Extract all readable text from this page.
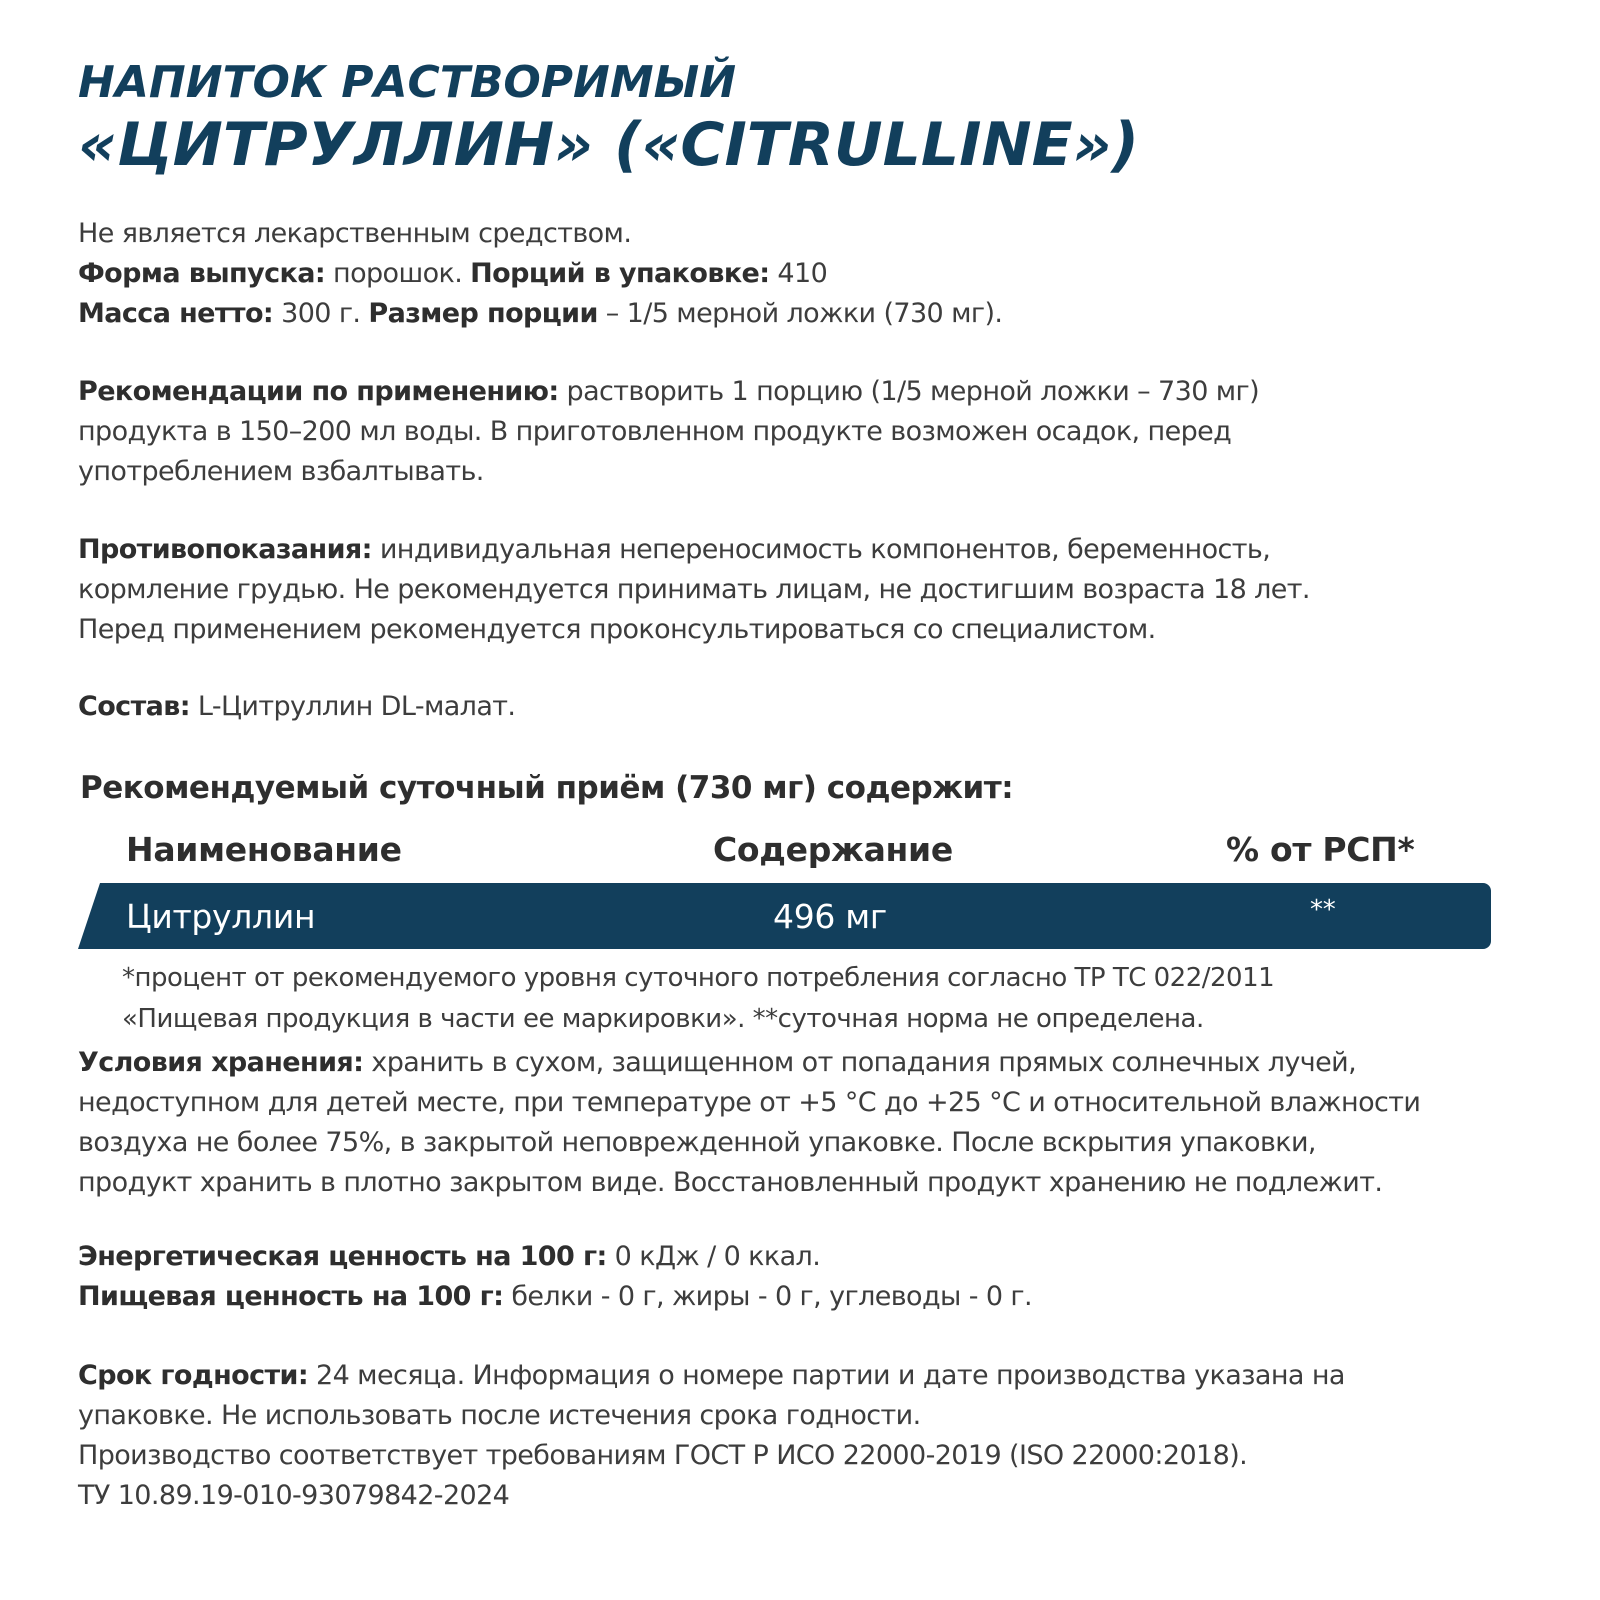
НАПИТОК РАСТВОРИМЫЙ
«ЦИТРУЛЛИН» («CITRULLINE»)
Не является лекарственным средством.
Форма выпуска: порошок. Порций в упаковке: 410
Масса нетто: 300 г. Размер порции – 1/5 мерной ложки (730 мг).
Рекомендации по применению: растворить 1 порцию (1/5 мерной ложки – 730 мг)
продукта в 150–200 мл воды. В приготовленном продукте возможен осадок, перед
употреблением взбалтывать.
Противопоказания: индивидуальная непереносимость компонентов, беременность,
кормление грудью. Не рекомендуется принимать лицам, не достигшим возраста 18 лет.
Перед применением рекомендуется проконсультироваться со специалистом.
Состав: L-Цитруллин DL-малат.
Рекомендуемый суточный приём (730 мг) содержит:
Наименование	Содержание	% от РСП*
Цитруллин	496 мг	**
*процент от рекомендуемого уровня суточного потребления согласно ТР ТС 022/2011
«Пищевая продукция в части ее маркировки». **суточная норма не определена.
Условия хранения: хранить в сухом, защищенном от попадания прямых солнечных лучей,
недоступном для детей месте, при температуре от +5 °C до +25 °C и относительной влажности
воздуха не более 75%, в закрытой неповрежденной упаковке. После вскрытия упаковки,
продукт хранить в плотно закрытом виде. Восстановленный продукт хранению не подлежит.
Энергетическая ценность на 100 г: 0 кДж / 0 ккал.
Пищевая ценность на 100 г: белки - 0 г, жиры - 0 г, углеводы - 0 г.
Срок годности: 24 месяца. Информация о номере партии и дате производства указана на
упаковке. Не использовать после истечения срока годности.
Производство соответствует требованиям ГОСТ Р ИСО 22000-2019 (ISO 22000:2018).
ТУ 10.89.19-010-93079842-2024
